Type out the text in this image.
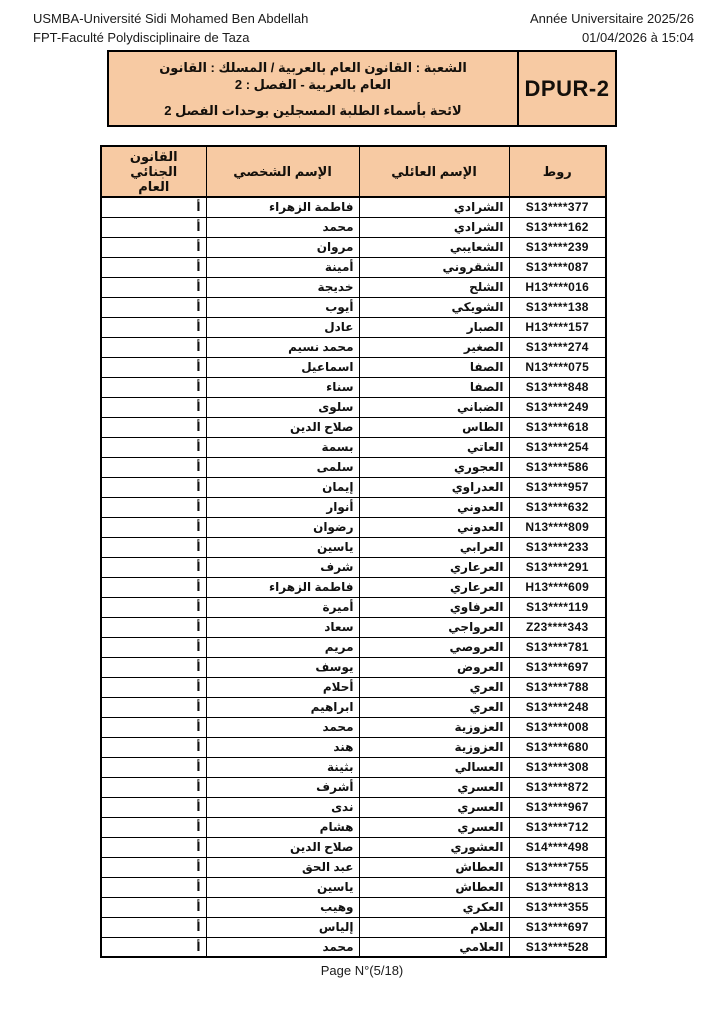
USMBA-Université Sidi Mohamed Ben Abdellah
FPT-Faculté Polydisciplinaire de Taza
Année Universitaire 2025/26
01/04/2026 à 15:04
الشعبة : القانون العام بالعربية / المسلك : القانون
العام بالعربية - الفصل : 2
لائحة بأسماء الطلبة المسجلين بوحدات الفصل 2
DPUR-2
القانون الجنائي العام	الإسم الشخصي	الإسم العائلي	روط
أ	فاطمة الزهراء	الشرادي	S13****377
أ	محمد	الشرادي	S13****162
أ	مروان	الشعايبي	S13****239
أ	أمينة	الشقروني	S13****087
أ	خديجة	الشلح	H13****016
أ	أيوب	الشويكي	S13****138
أ	عادل	الصبار	H13****157
أ	محمد نسيم	الصغير	S13****274
أ	اسماعيل	الصفا	N13****075
أ	سناء	الصفا	S13****848
أ	سلوى	الضباني	S13****249
أ	صلاح الدين	الطاس	S13****618
أ	بسمة	العاتي	S13****254
أ	سلمى	العجوري	S13****586
أ	إيمان	العدراوي	S13****957
أ	أنوار	العدوني	S13****632
أ	رضوان	العدوني	N13****809
أ	ياسين	العرابي	S13****233
أ	شرف	العرعاري	S13****291
أ	فاطمة الزهراء	العرعاري	H13****609
أ	أميرة	العرفاوي	S13****119
أ	سعاد	العرواجي	Z23****343
أ	مريم	العروصي	S13****781
أ	يوسف	العروض	S13****697
أ	أحلام	العري	S13****788
أ	ابراهيم	العري	S13****248
أ	محمد	العزوزية	S13****008
أ	هند	العزوزية	S13****680
أ	بثينة	العسالي	S13****308
أ	أشرف	العسري	S13****872
أ	ندى	العسري	S13****967
أ	هشام	العسري	S13****712
أ	صلاح الدين	العشوري	S14****498
أ	عبد الحق	العطاش	S13****755
أ	ياسين	العطاش	S13****813
أ	وهيب	العكري	S13****355
أ	إلياس	العلام	S13****697
أ	محمد	العلامي	S13****528
Page N°(5/18)
